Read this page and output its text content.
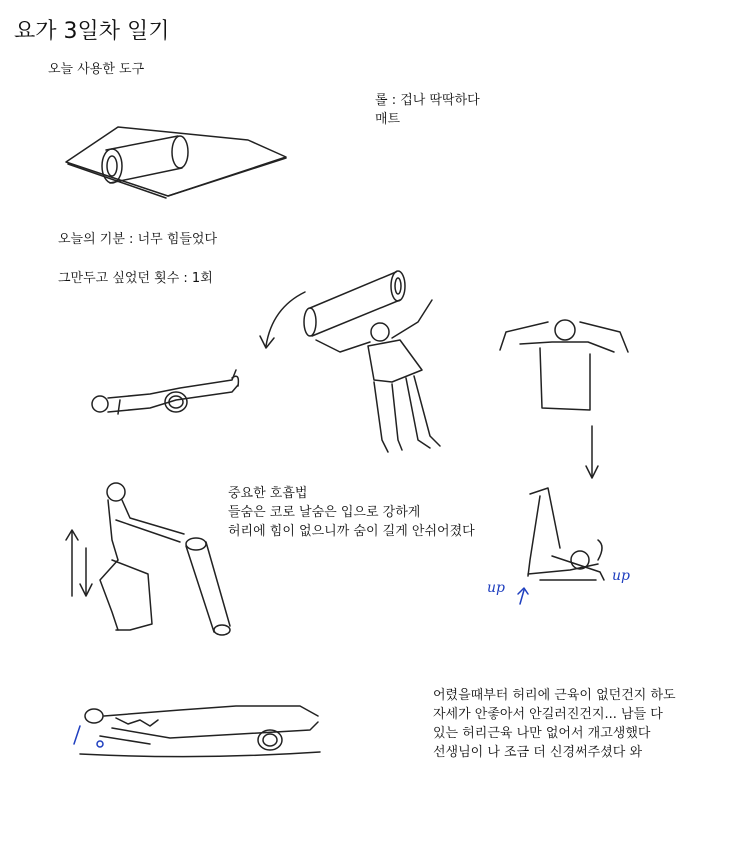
요가 3일차 일기
오늘 사용한 도구
롤 : 겁나 딱딱하다
매트
오늘의 기분 : 너무 힘들었다
그만두고 싶었던 횟수 : 1회
중요한 호흡법
들숨은 코로 날숨은 입으로 강하게
허리에 힘이 없으니까 숨이 길게 안쉬어졌다
어렸을때부터 허리에 근육이 없던건지 하도
자세가 안좋아서 안길러진건지... 남들 다
있는 허리근육 나만 없어서 개고생했다
선생님이 나 조금 더 신경써주셨다 와
up
up
